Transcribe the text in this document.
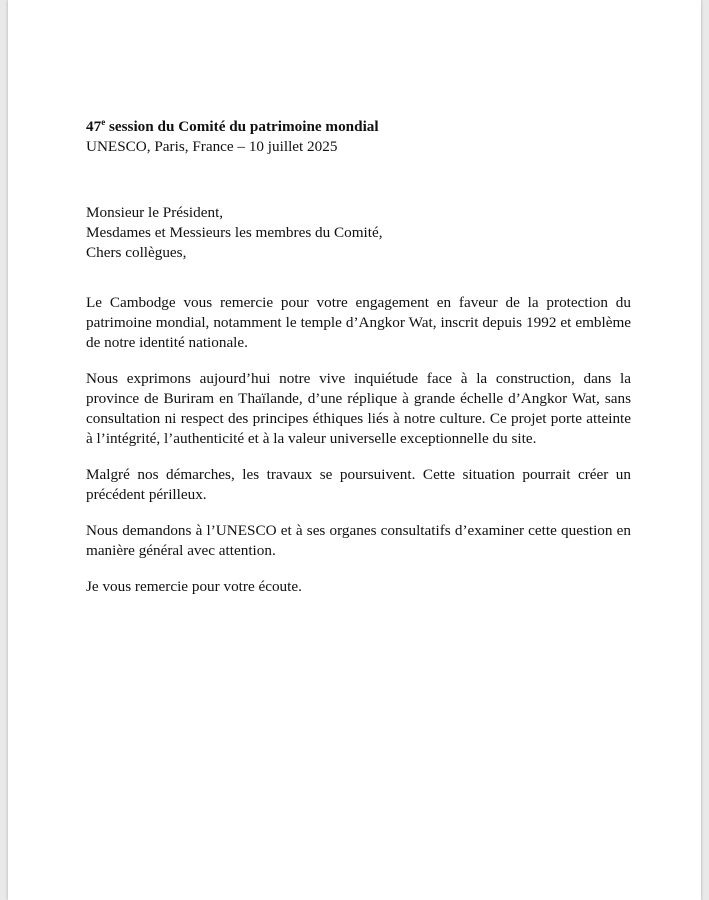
47e session du Comité du patrimoine mondial
UNESCO, Paris, France – 10 juillet 2025
Monsieur le Président,
Mesdames et Messieurs les membres du Comité,
Chers collègues,

Le Cambodge vous remercie pour votre engagement en faveur de la protection du patrimoine mondial, notamment le temple d’Angkor Wat, inscrit depuis 1992 et emblème de notre identité nationale.

Nous exprimons aujourd’hui notre vive inquiétude face à la construction, dans la province de Buriram en Thaïlande, d’une réplique à grande échelle d’Angkor Wat, sans consultation ni respect des principes éthiques liés à notre culture. Ce projet porte atteinte à l’intégrité, l’authenticité et à la valeur universelle exceptionnelle du site.

Malgré nos démarches, les travaux se poursuivent. Cette situation pourrait créer un précédent périlleux.

Nous demandons à l’UNESCO et à ses organes consultatifs d’examiner cette question en manière général avec attention.

Je vous remercie pour votre écoute.
